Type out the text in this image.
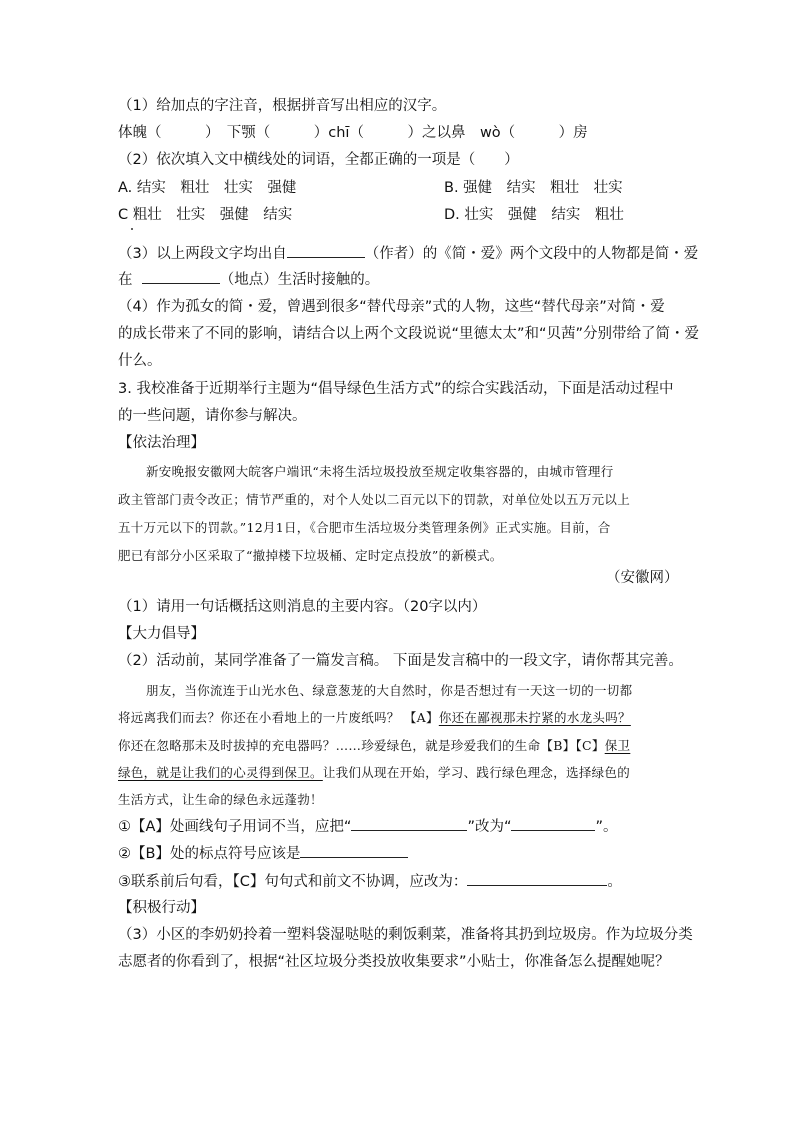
（1）给加点的字注音，根据拼音写出相应的汉字。
体魄（　　　）　下颚（　　　）chī（　　　）之以鼻　wò（　　　）房
（2）依次填入文中横线处的词语，全都正确的一项是（　　）
A. 结实　粗壮　壮实　强健	B. 强健　结实　粗壮　壮实
C 粗壮　壮实　强健　结实	D. 壮实　强健　结实　粗壮
（3）以上两段文字均出自	（作者）的《简・爱》两个文段中的人物都是简・爱
在	（地点）生活时接触的。
（4）作为孤女的简・爱，曾遇到很多“替代母亲”式的人物，这些“替代母亲”对简・爱
的成长带来了不同的影响，请结合以上两个文段说说“里德太太”和“贝茜”分别带给了简・爱
什么。
3. 我校准备于近期举行主题为“倡导绿色生活方式”的综合实践活动，下面是活动过程中
的一些问题，请你参与解决。
【依法治理】
新安晚报安徽网大皖客户端讯“未将生活垃圾投放至规定收集容器的，由城市管理行
政主管部门责令改正；情节严重的，对个人处以二百元以下的罚款，对单位处以五万元以上
五十万元以下的罚款。”12月1日，《合肥市生活垃圾分类管理条例》正式实施。目前，合
肥已有部分小区采取了“撤掉楼下垃圾桶、定时定点投放”的新模式。
（安徽网）
（1）请用一句话概括这则消息的主要内容。（20字以内）
【大力倡导】
（2）活动前，某同学准备了一篇发言稿。 下面是发言稿中的一段文字，请你帮其完善。
朋友，当你流连于山光水色、绿意葱茏的大自然时，你是否想过有一天这一切的一切都
将远离我们而去？你还在小看地上的一片废纸吗？ 【A】你还在鄙视那未拧紧的水龙头吗？
你还在忽略那未及时拔掉的充电器吗？……珍爱绿色，就是珍爱我们的生命【B】【C】保卫
绿色，就是让我们的心灵得到保卫。让我们从现在开始，学习、践行绿色理念，选择绿色的
生活方式，让生命的绿色永远蓬勃！
①【A】处画线句子用词不当，应把“	”改为“	”。
②【B】处的标点符号应该是
③联系前后句看，【C】句句式和前文不协调，应改为：	。
【积极行动】
（3）小区的李奶奶拎着一塑料袋湿哒哒的剩饭剩菜，准备将其扔到垃圾房。作为垃圾分类
志愿者的你看到了，根据“社区垃圾分类投放收集要求”小贴士，你准备怎么提醒她呢？
